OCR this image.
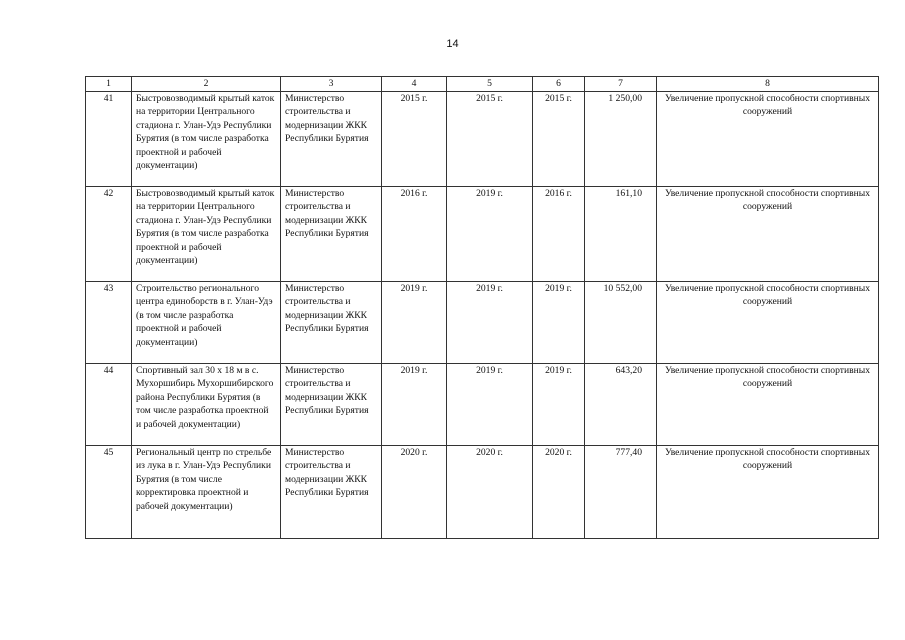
14
1	2	3	4	5	6	7	8
41	Быстровозводимый крытый каток на территории Центрального стадиона г. Улан-Удэ Республики Бурятия (в том числе разработка проектной и рабочей документации)	Министерство строительства и модернизации ЖКК Республики Бурятия	2015 г.	2015 г.	2015 г.	1 250,00	Увеличение пропускной способности спортивных сооружений
42	Быстровозводимый крытый каток на территории Центрального стадиона г. Улан-Удэ Республики Бурятия (в том числе разработка проектной и рабочей документации)	Министерство строительства и модернизации ЖКК Республики Бурятия	2016 г.	2019 г.	2016 г.	161,10	Увеличение пропускной способности спортивных сооружений
43	Строительство регионального центра единоборств в г. Улан-Удэ (в том числе разработка проектной и рабочей документации)	Министерство строительства и модернизации ЖКК Республики Бурятия	2019 г.	2019 г.	2019 г.	10 552,00	Увеличение пропускной способности спортивных сооружений
44	Спортивный зал 30 х 18 м в с. Мухоршибирь Мухоршибирского района Республики Бурятия (в том числе разработка проектной и рабочей документации)	Министерство строительства и модернизации ЖКК Республики Бурятия	2019 г.	2019 г.	2019 г.	643,20	Увеличение пропускной способности спортивных сооружений
45	Региональный центр по стрельбе из лука в г. Улан-Удэ Республики Бурятия (в том числе корректировка проектной и рабочей документации)	Министерство строительства и модернизации ЖКК Республики Бурятия	2020 г.	2020 г.	2020 г.	777,40	Увеличение пропускной способности спортивных сооружений
